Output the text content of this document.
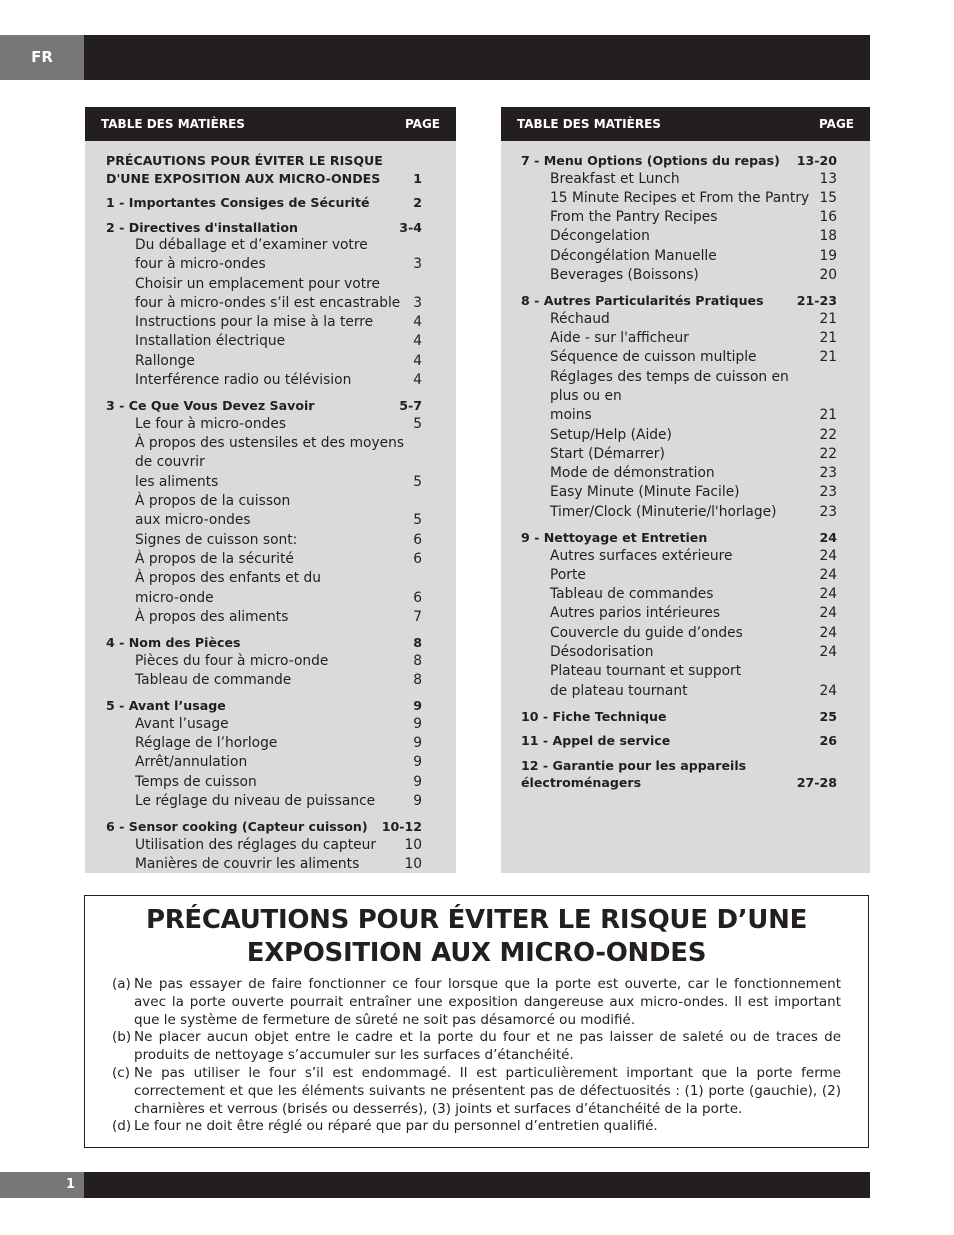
FR
TABLE DES MATIÈRES	PAGE
PRÉCAUTIONS POUR ÉVITER LE RISQUE
D'UNE EXPOSITION AUX MICRO-ONDES	1
1 - Importantes Consiges de Sécurité	2
2 - Directives d'installation	3-4
Du déballage et d’examiner votre
four à micro-ondes	3
Choisir un emplacement pour votre
four à micro-ondes s’il est encastrable 3
Instructions pour la mise à la terre	4
Installation électrique	4
Rallonge	4
Interférence radio ou télévision	4
3 - Ce Que Vous Devez Savoir	5-7
Le four à micro-ondes	5
À propos des ustensiles et des moyens de couvrir
les aliments	5
À propos de la cuisson
aux micro-ondes	5
Signes de cuisson sont:	6
À propos de la sécurité	6
À propos des enfants et du
micro-onde	6
À propos des aliments	7
4 - Nom des Pièces	8
Pièces du four à micro-onde	8
Tableau de commande	8
5 - Avant l’usage	9
Avant l’usage	9
Réglage de l’horloge	9
Arrêt/annulation	9
Temps de cuisson	9
Le réglage du niveau de puissance	9
6 - Sensor cooking (Capteur cuisson) 10-12
Utilisation des réglages du capteur 10
Manières de couvrir les aliments	10
TABLE DES MATIÈRES	PAGE
7 - Menu Options (Options du repas) 13-20
Breakfast et Lunch	13
15 Minute Recipes et From the Pantry 15
From the Pantry Recipes	16
Décongelation	18
Décongélation Manuelle	19
Beverages (Boissons)	20
8 - Autres Particularités Pratiques	21-23
Réchaud	21
Aide - sur l'afficheur	21
Séquence de cuisson multiple	21
Réglages des temps de cuisson en plus ou en
moins	21
Setup/Help (Aide)	22
Start (Démarrer)	22
Mode de démonstration	23
Easy Minute (Minute Facile)	23
Timer/Clock (Minuterie/l'horlage)	23
9 - Nettoyage et Entretien	24
Autres surfaces extérieure	24
Porte	24
Tableau de commandes	24
Autres parios intérieures	24
Couvercle du guide d’ondes	24
Désodorisation	24
Plateau tournant et support
de plateau tournant	24
10 - Fiche Technique	25
11 - Appel de service	26
12 - Garantie pour les appareils
électroménagers	27-28
PRÉCAUTIONS POUR ÉVITER LE RISQUE D’UNE
EXPOSITION AUX MICRO-ONDES
(a) Ne pas essayer de faire fonctionner ce four lorsque que la porte est ouverte, car le fonctionnement avec la porte ouverte pourrait entraîner une exposition dangereuse aux micro-ondes. Il est important que le système de fermeture de sûreté ne soit pas désamorcé ou modifié.
(b) Ne placer aucun objet entre le cadre et la porte du four et ne pas laisser de saleté ou de traces de produits de nettoyage s’accumuler sur les surfaces d’étanchéité.
(c) Ne pas utiliser le four s’il est endommagé. Il est particulièrement important que la porte ferme correctement et que les éléments suivants ne présentent pas de défectuosités : (1) porte (gauchie), (2) charnières et verrous (brisés ou desserrés), (3) joints et surfaces d’étanchéité de la porte.
(d) Le four ne doit être réglé ou réparé que par du personnel d’entretien qualifié.
1
